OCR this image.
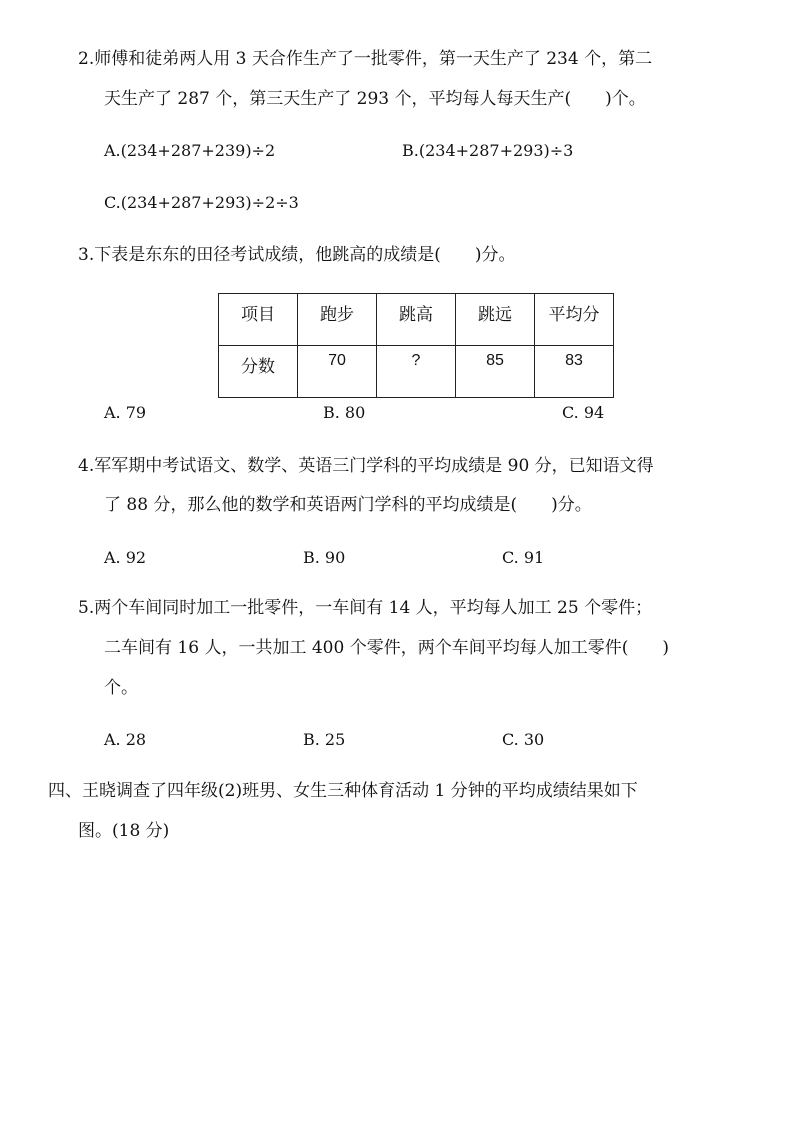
2.师傅和徒弟两人用 3 天合作生产了一批零件，第一天生产了 234 个，第二
天生产了 287 个，第三天生产了 293 个，平均每人每天生产(  )个。
A.(234+287+239)÷2	B.(234+287+293)÷3
C.(234+287+293)÷2÷3
3.下表是东东的田径考试成绩，他跳高的成绩是(  )分。
项目	跑步	跳高	跳远	平均分
分数	70	?	85	83
A. 79	B. 80	C. 94
4.军军期中考试语文、数学、英语三门学科的平均成绩是 90 分，已知语文得
了 88 分，那么他的数学和英语两门学科的平均成绩是(  )分。
A. 92	B. 90	C. 91
5.两个车间同时加工一批零件，一车间有 14 人，平均每人加工 25 个零件；
二车间有 16 人，一共加工 400 个零件，两个车间平均每人加工零件(  )
个。
A. 28	B. 25	C. 30
四、王晓调查了四年级(2)班男、女生三种体育活动 1 分钟的平均成绩结果如下
图。(18 分)
